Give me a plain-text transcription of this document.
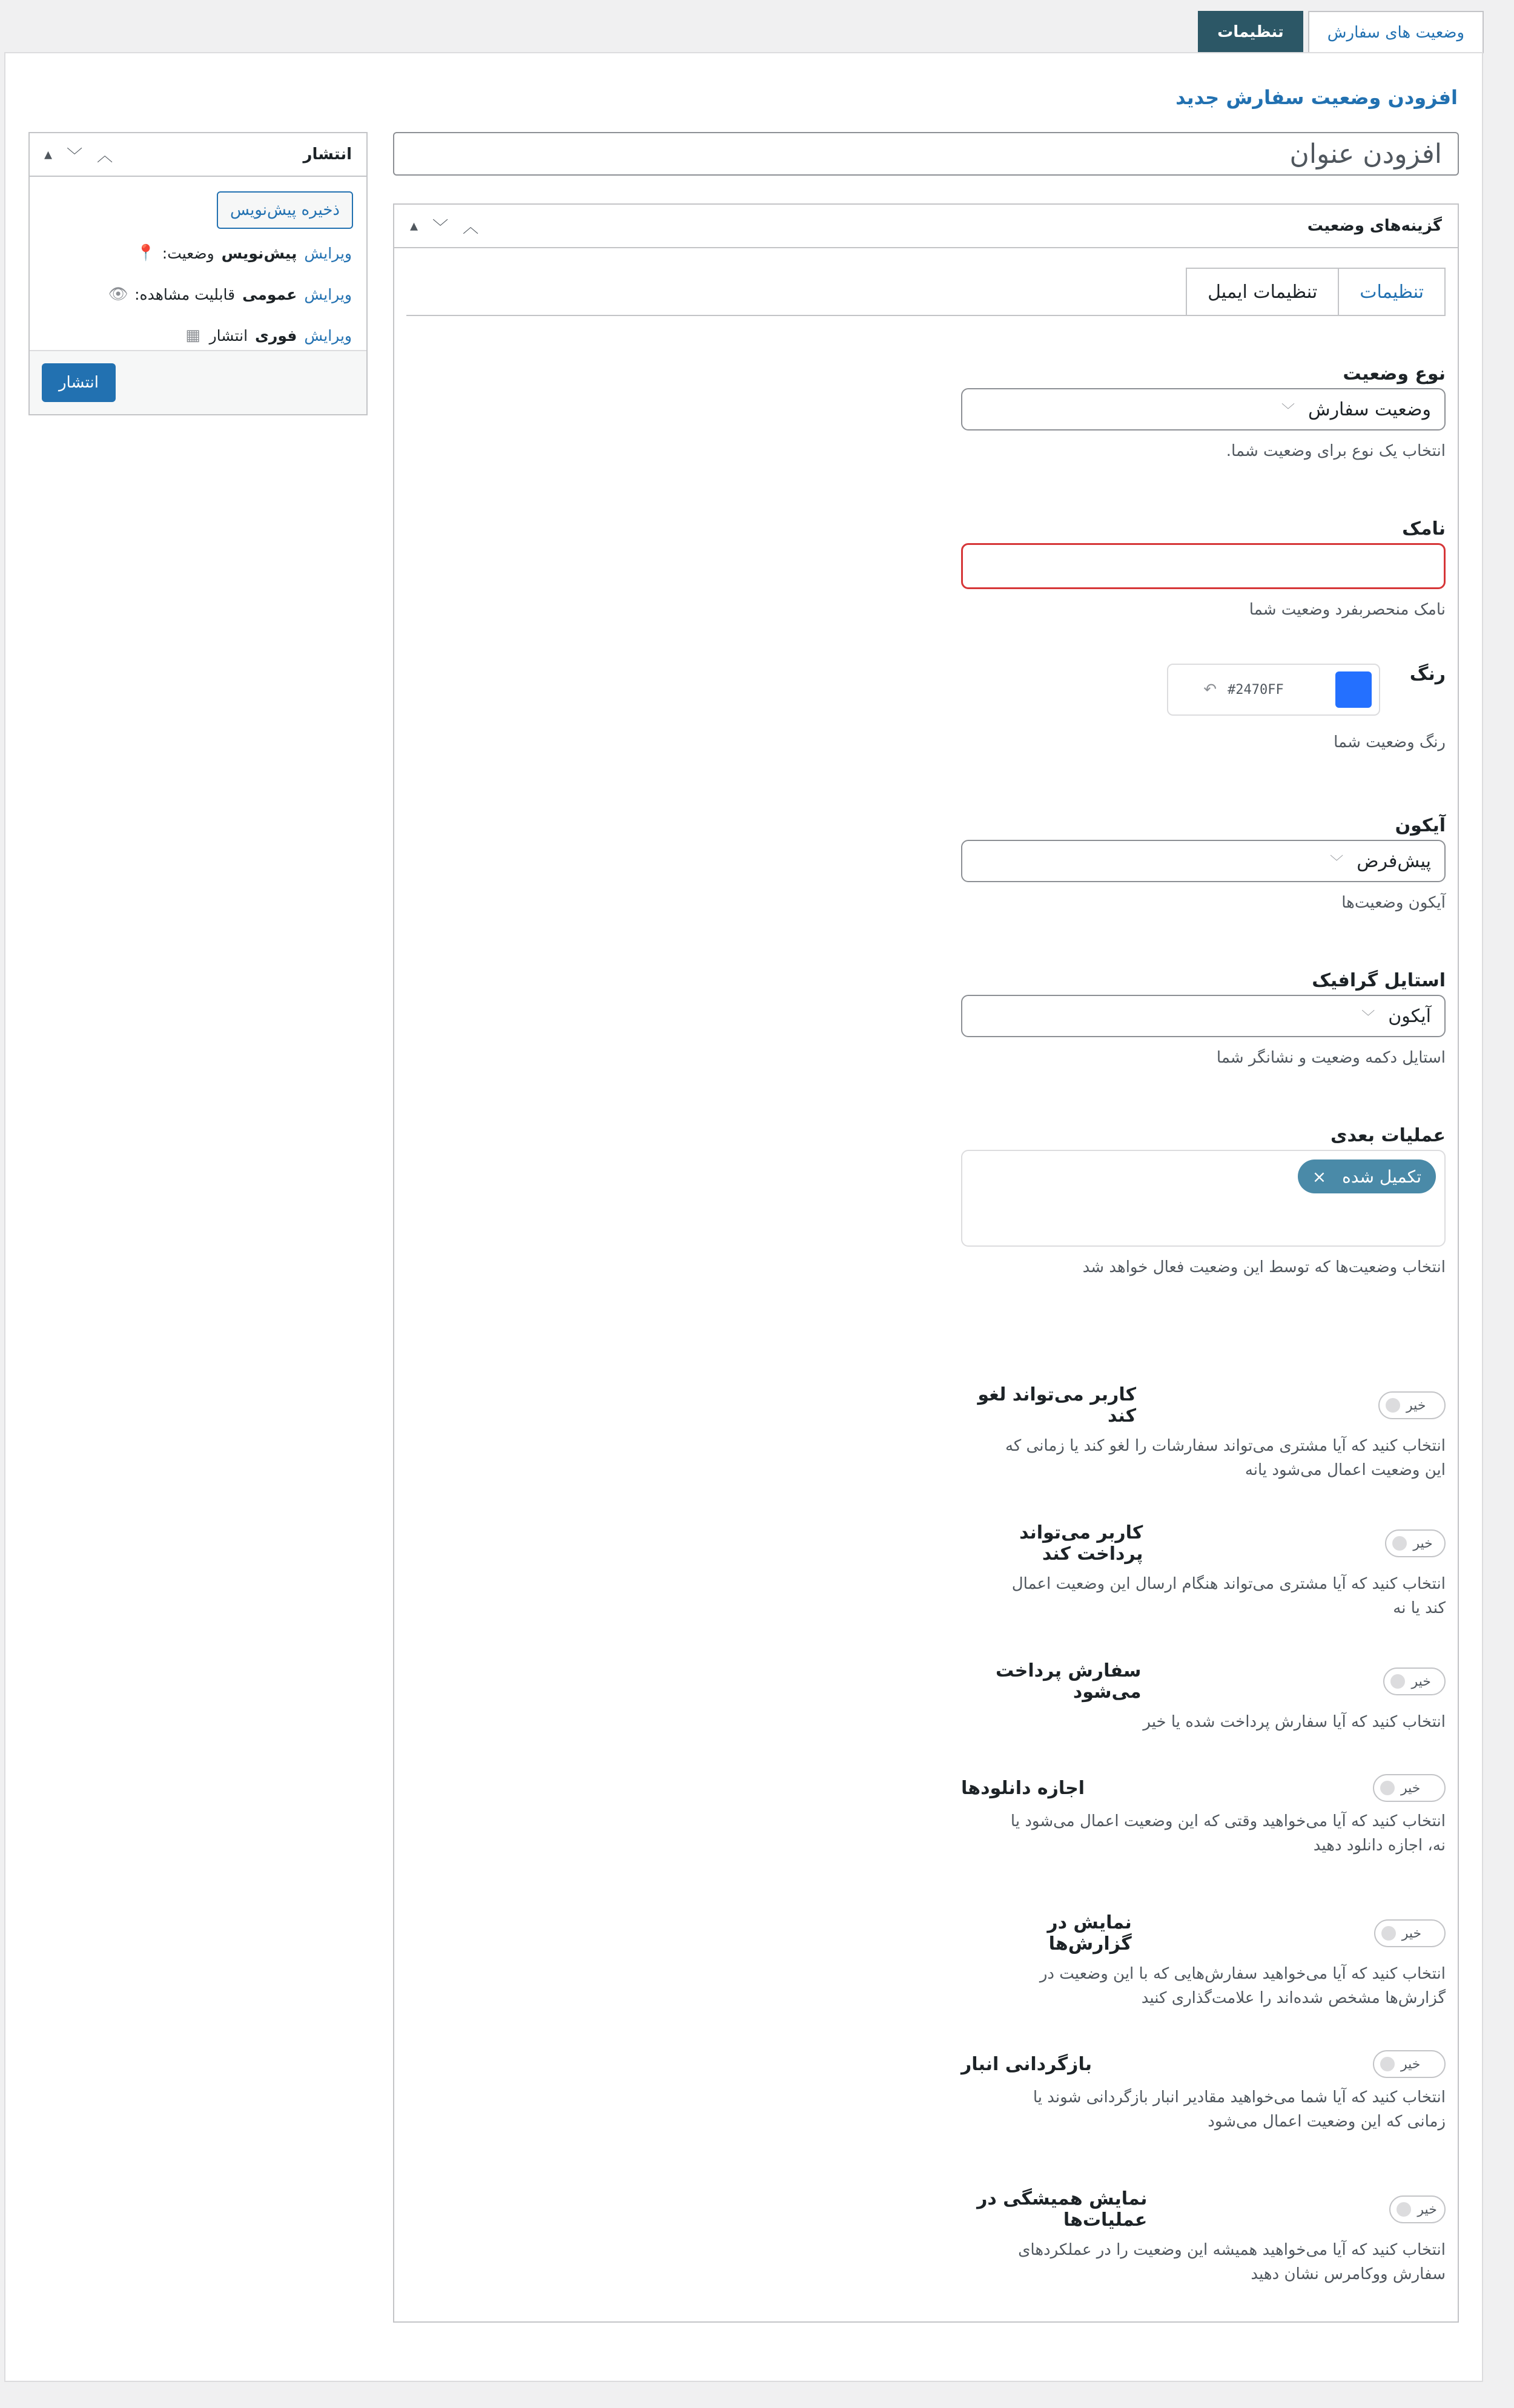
وضعیت های سفارش
تنظیمات
افزودن وضعیت سفارش جدید
افزودن عنوان
▴ ﹀ ︿	انتشار
ذخیره پیش‌نویس
📍 وضعیت: پیش‌نویس ویرایش
👁 قابلیت مشاهده: عمومی ویرایش
▦ انتشار فوری ویرایش
انتشار
گزینه‌های وضعیت
▴ ﹀ ︿
تنظیمات
تنظیمات ایمیل
نوع وضعیت
وضعیت سفارش
﹀
انتخاب یک نوع برای وضعیت شما.
نامک
نامک منحصربفرد وضعیت شما
رنگ
#2470FF
↶
رنگ وضعیت شما
آیکون
پیش‌فرض
﹀
آیکون وضعیت‌ها
استایل گرافیک
آیکون
﹀
استایل دکمه وضعیت و نشانگر شما
عملیات بعدی
تکمیل شده
×
انتخاب وضعیت‌ها که توسط این وضعیت فعال خواهد شد
کاربر می‌تواند لغو کند	خیر
انتخاب کنید که آیا مشتری می‌تواند سفارشات را لغو کند یا زمانی که این وضعیت اعمال می‌شود یانه
کاربر می‌تواند پرداخت کند	خیر
انتخاب کنید که آیا مشتری می‌تواند هنگام ارسال این وضعیت اعمال کند یا نه
سفارش پرداخت می‌شود	خیر
انتخاب کنید که آیا سفارش پرداخت شده یا خیر
اجازه دانلودها	خیر
انتخاب کنید که آیا می‌خواهید وقتی که این وضعیت اعمال می‌شود یا نه، اجازه دانلود دهید
نمایش در گزارش‌ها	خیر
انتخاب کنید که آیا می‌خواهید سفارش‌هایی که با این وضعیت در گزارش‌ها مشخص شده‌اند را علامت‌گذاری کنید
بازگردانی انبار	خیر
انتخاب کنید که آیا شما می‌خواهید مقادیر انبار بازگردانی شوند یا زمانی که این وضعیت اعمال می‌شود
نمایش همیشگی در عملیات‌ها	خیر
انتخاب کنید که آیا می‌خواهید همیشه این وضعیت را در عملکردهای سفارش ووکامرس نشان دهید
